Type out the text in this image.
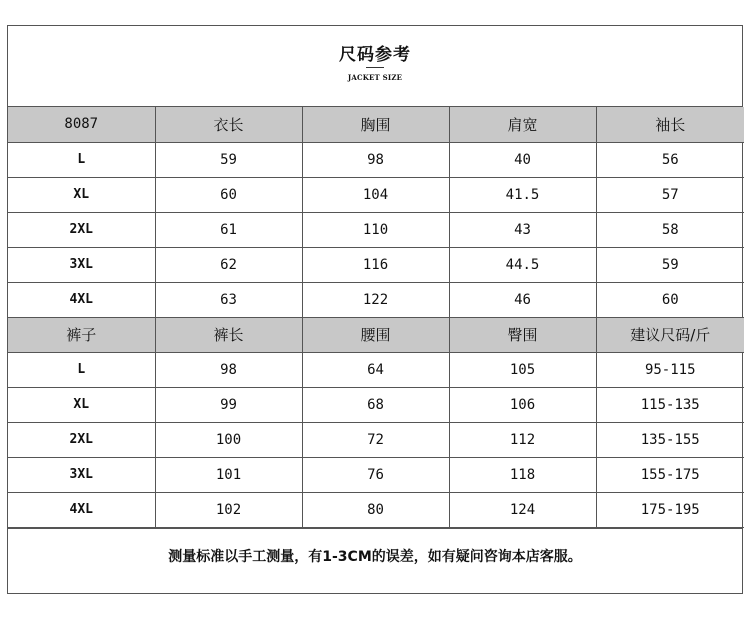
尺码参考
JACKET SIZE
8087	衣长	胸围	肩宽	袖长
L	59	98	40	56
XL	60	104	41.5	57
2XL	61	110	43	58
3XL	62	116	44.5	59
4XL	63	122	46	60
裤子	裤长	腰围	臀围	建议尺码/斤
L	98	64	105	95-115
XL	99	68	106	115-135
2XL	100	72	112	135-155
3XL	101	76	118	155-175
4XL	102	80	124	175-195
测量标准以手工测量，有1-3CM的误差，如有疑问咨询本店客服。
